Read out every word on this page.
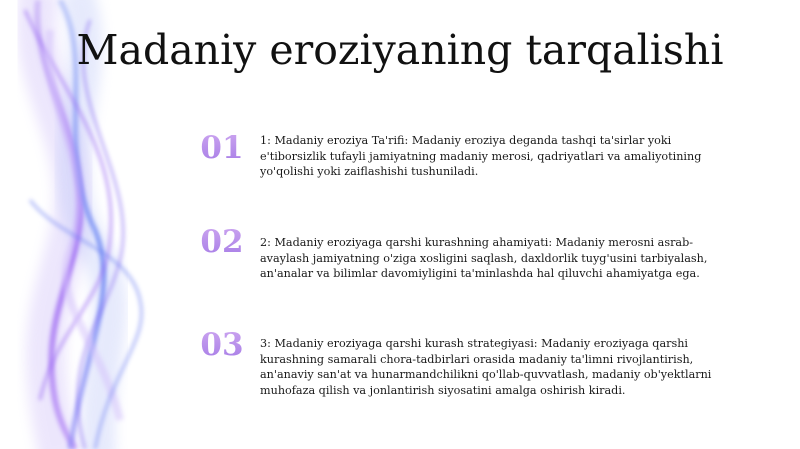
Madaniy eroziyaning tarqalishi
01	1: Madaniy eroziya Ta'rifi: Madaniy eroziya deganda tashqi ta'sirlar yoki e'tiborsizlik tufayli jamiyatning madaniy merosi, qadriyatlari va amaliyotining yo'qolishi yoki zaiflashishi tushuniladi.
02	2: Madaniy eroziyaga qarshi kurashning ahamiyati: Madaniy merosni asrab-avaylash jamiyatning o'ziga xosligini saqlash, daxldorlik tuyg'usini tarbiyalash, an'analar va bilimlar davomiyligini ta'minlashda hal qiluvchi ahamiyatga ega.
03	3: Madaniy eroziyaga qarshi kurash strategiyasi: Madaniy eroziyaga qarshi kurashning samarali chora-tadbirlari orasida madaniy ta'limni rivojlantirish, an'anaviy san'at va hunarmandchilikni qo'llab-quvvatlash, madaniy ob'yektlarni muhofaza qilish va jonlantirish siyosatini amalga oshirish kiradi.
